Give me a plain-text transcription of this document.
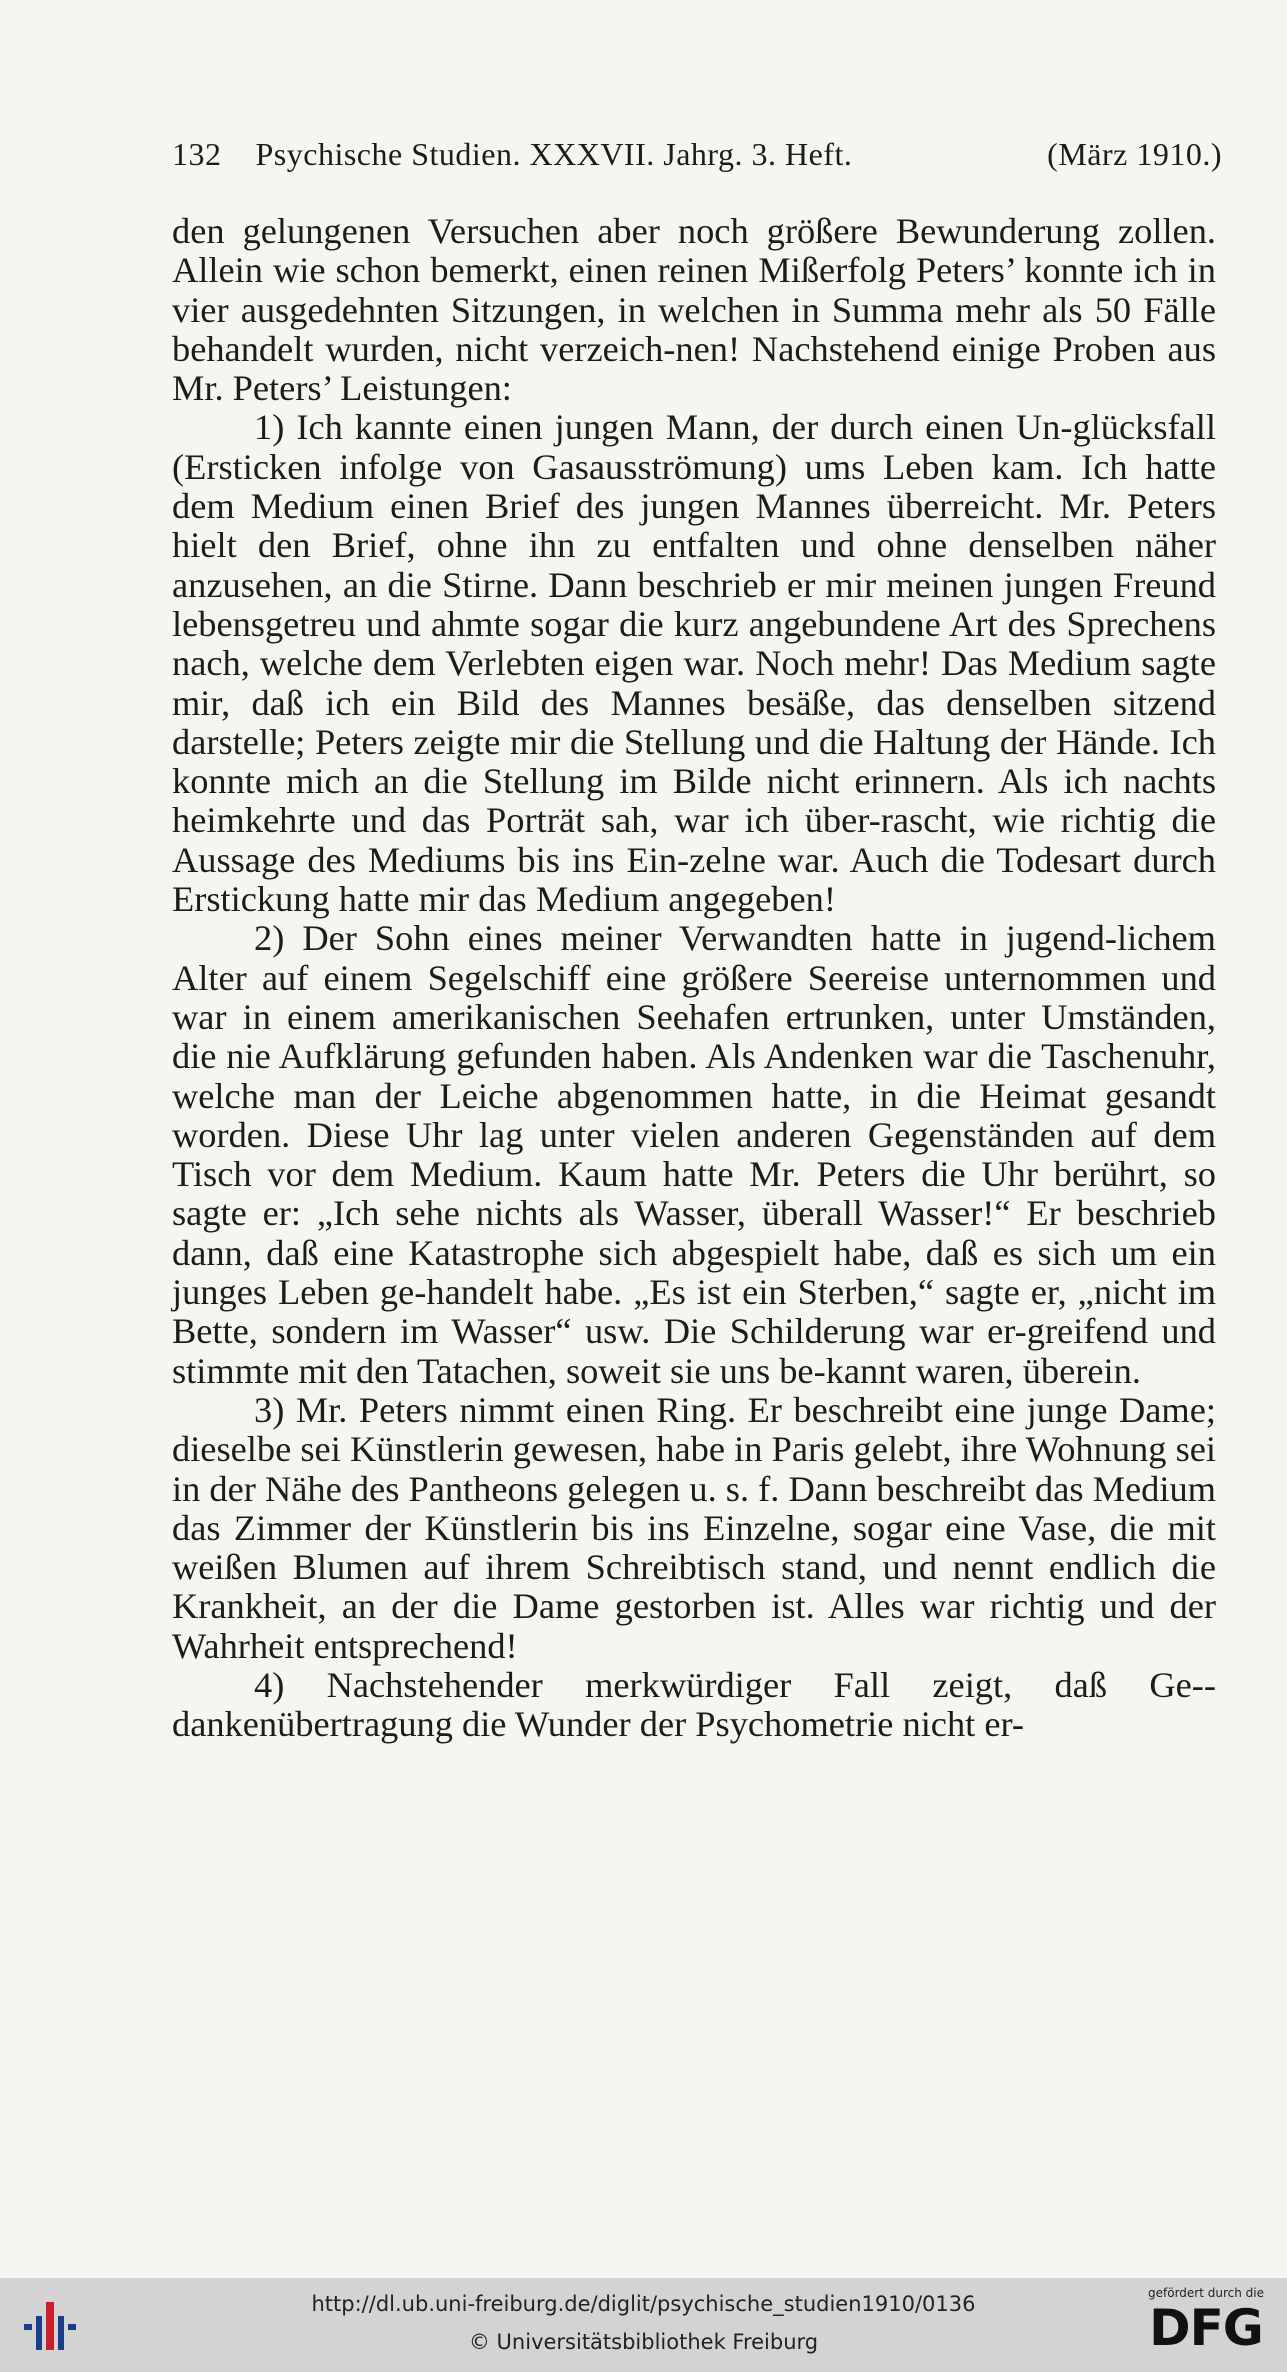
132	Psychische Studien. XXXVII. Jahrg. 3. Heft.	(März 1910.)

den gelungenen Versuchen aber noch größere Bewunderung zollen. Allein wie schon bemerkt, einen reinen Mißerfolg Peters’ konnte ich in vier ausgedehnten Sitzungen, in welchen in Summa mehr als 50 Fälle behandelt wurden, nicht verzeich-nen! Nachstehend einige Proben aus Mr. Peters’ Leistungen:

1) Ich kannte einen jungen Mann, der durch einen Un-glücksfall (Ersticken infolge von Gasausströmung) ums Leben kam. Ich hatte dem Medium einen Brief des jungen Mannes überreicht. Mr. Peters hielt den Brief, ohne ihn zu entfalten und ohne denselben näher anzusehen, an die Stirne. Dann beschrieb er mir meinen jungen Freund lebensgetreu und ahmte sogar die kurz angebundene Art des Sprechens nach, welche dem Verlebten eigen war. Noch mehr! Das Medium sagte mir, daß ich ein Bild des Mannes besäße, das denselben sitzend darstelle; Peters zeigte mir die Stellung und die Haltung der Hände. Ich konnte mich an die Stellung im Bilde nicht erinnern. Als ich nachts heimkehrte und das Porträt sah, war ich über-rascht, wie richtig die Aussage des Mediums bis ins Ein-zelne war. Auch die Todesart durch Erstickung hatte mir das Medium angegeben!

2) Der Sohn eines meiner Verwandten hatte in jugend-lichem Alter auf einem Segelschiff eine größere Seereise unternommen und war in einem amerikanischen Seehafen ertrunken, unter Umständen, die nie Aufklärung gefunden haben. Als Andenken war die Taschenuhr, welche man der Leiche abgenommen hatte, in die Heimat gesandt worden. Diese Uhr lag unter vielen anderen Gegenständen auf dem Tisch vor dem Medium. Kaum hatte Mr. Peters die Uhr berührt, so sagte er: „Ich sehe nichts als Wasser, überall Wasser!“ Er beschrieb dann, daß eine Katastrophe sich abgespielt habe, daß es sich um ein junges Leben ge-handelt habe. „Es ist ein Sterben,“ sagte er, „nicht im Bette, sondern im Wasser“ usw. Die Schilderung war er-greifend und stimmte mit den Tatachen, soweit sie uns be-kannt waren, überein.

3) Mr. Peters nimmt einen Ring. Er beschreibt eine junge Dame; dieselbe sei Künstlerin gewesen, habe in Paris gelebt, ihre Wohnung sei in der Nähe des Pantheons gelegen u. s. f. Dann beschreibt das Medium das Zimmer der Künstlerin bis ins Einzelne, sogar eine Vase, die mit weißen Blumen auf ihrem Schreibtisch stand, und nennt endlich die Krankheit, an der die Dame gestorben ist. Alles war richtig und der Wahrheit entsprechend!

4) Nachstehender merkwürdiger Fall zeigt, daß Ge-dankenübertragung die Wunder der Psychometrie nicht er-

http://dl.ub.uni-freiburg.de/diglit/psychische_studien1910/0136
© Universitätsbibliothek Freiburg
gefördert durch die
DFG
